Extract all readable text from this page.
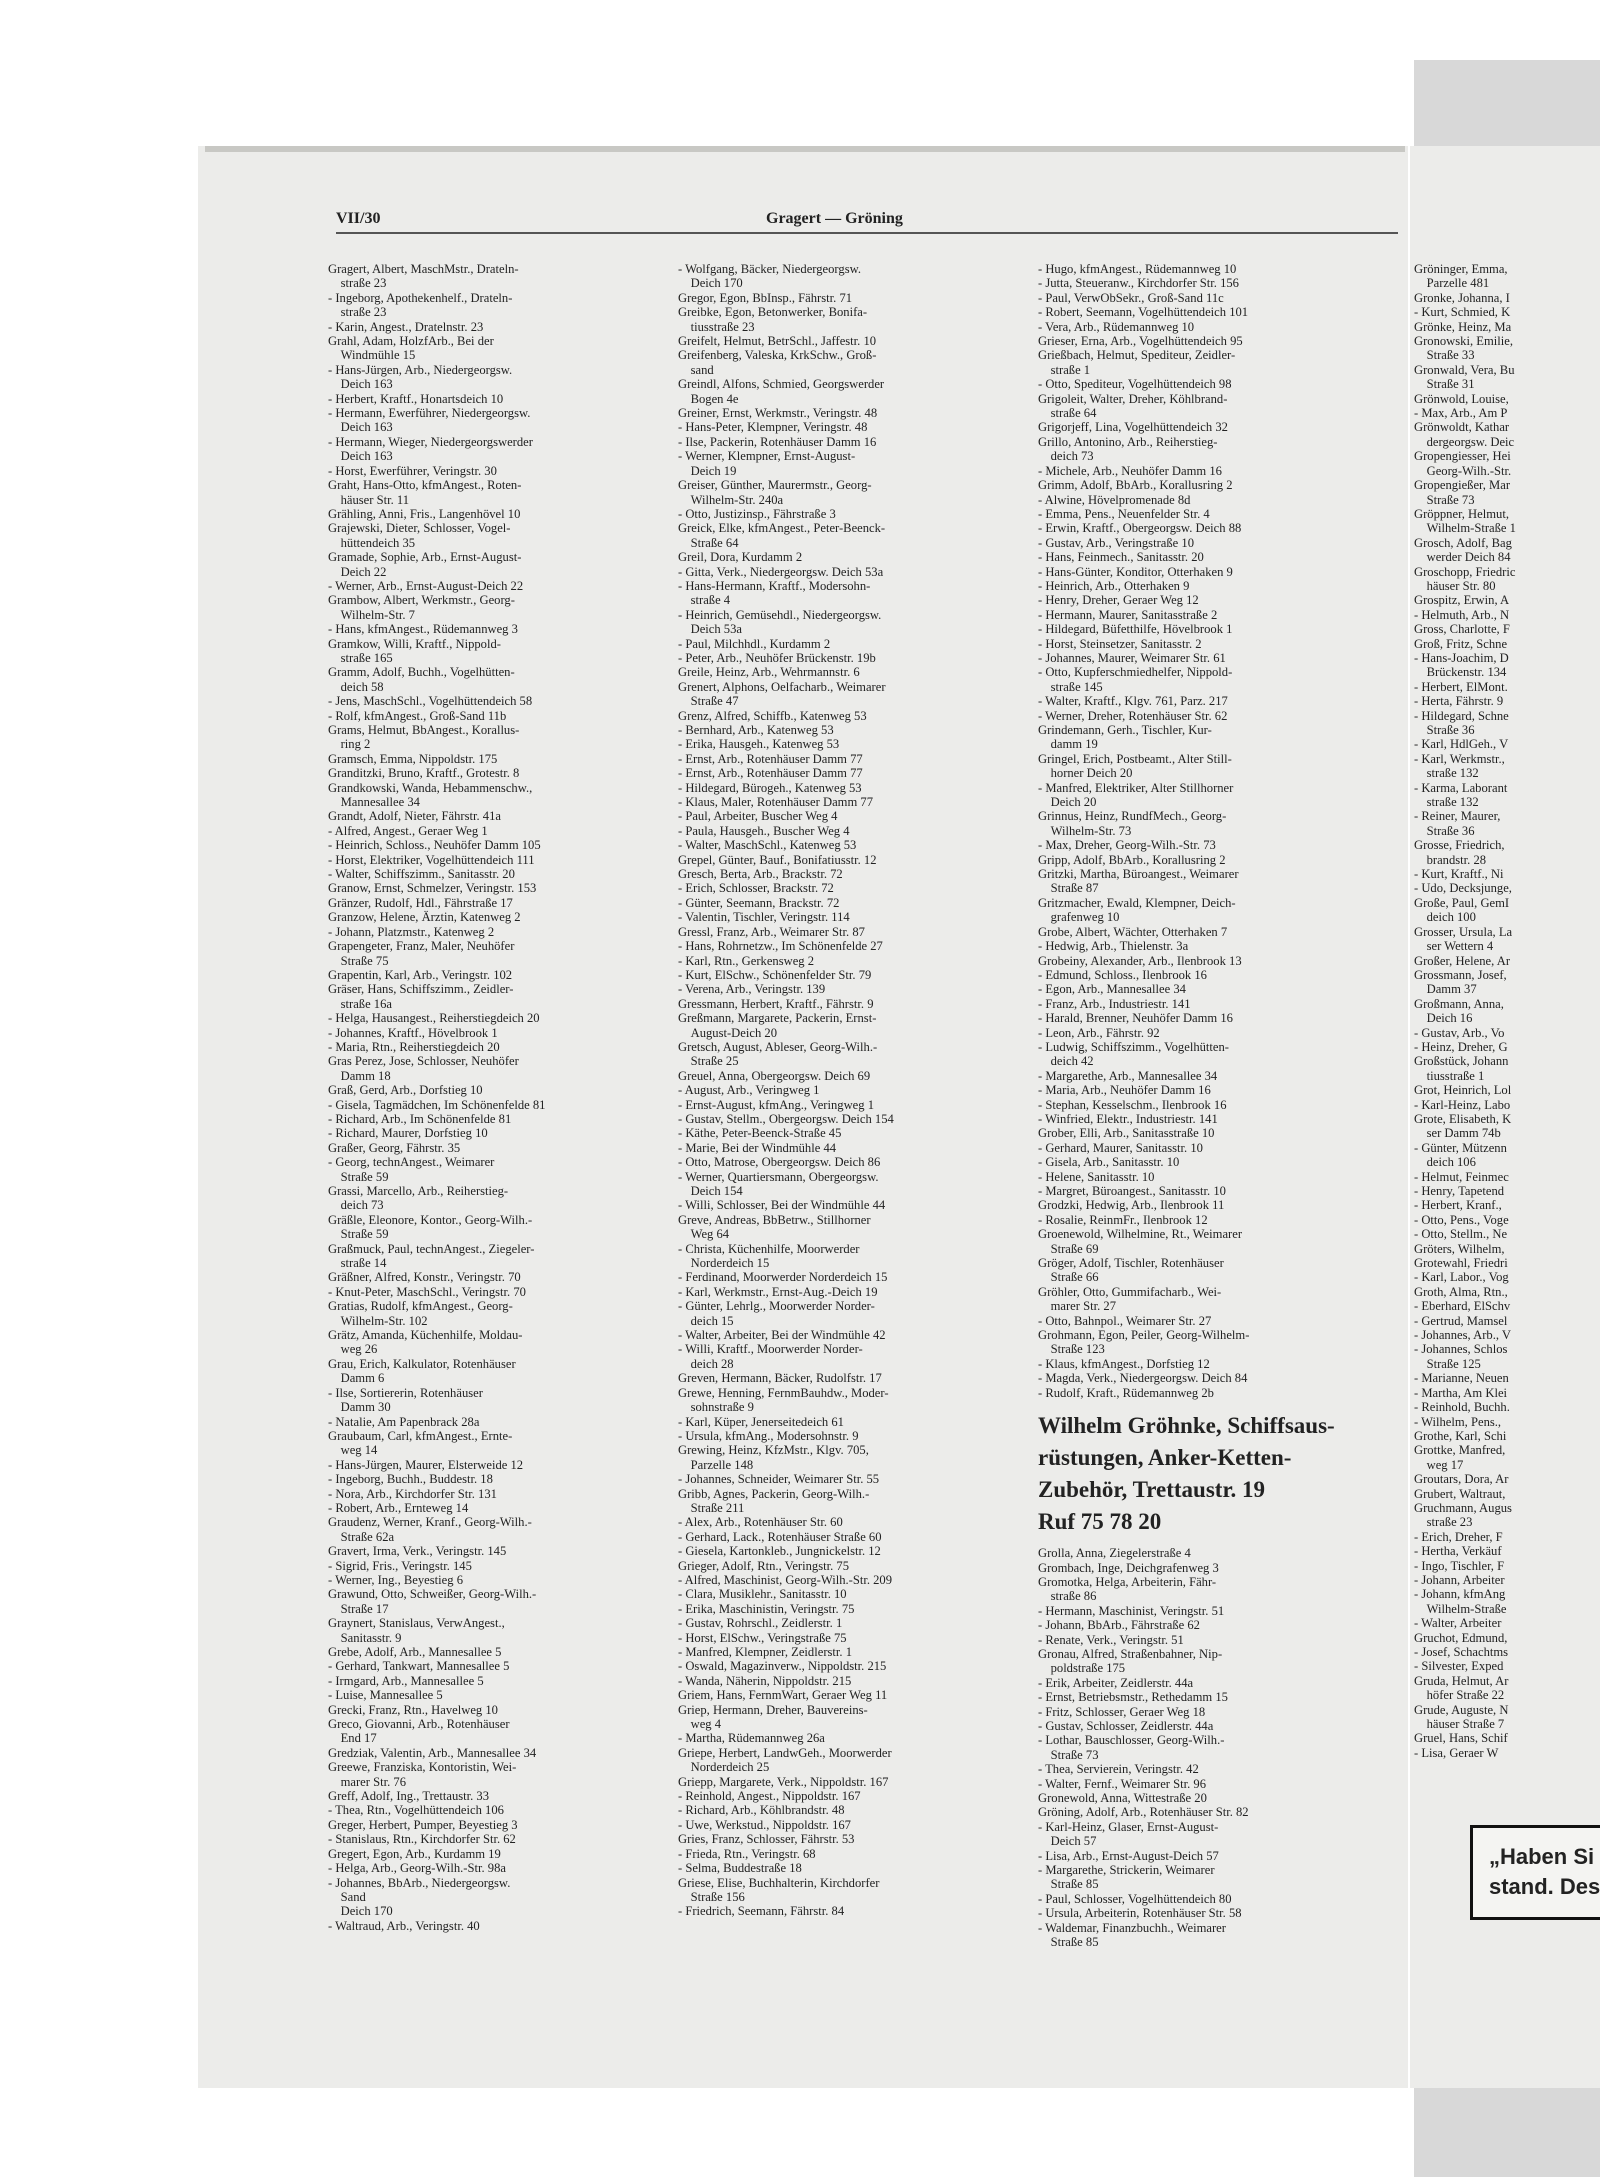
VII/30	Gragert — Gröning

Gragert, Albert, MaschMstr., Drateln-

 straße 23

- Ingeborg, Apothekenhelf., Drateln-

 straße 23

- Karin, Angest., Dratelnstr. 23

Grahl, Adam, HolzfArb., Bei der

 Windmühle 15

- Hans-Jürgen, Arb., Niedergeorgsw.

 Deich 163

- Herbert, Kraftf., Honartsdeich 10

- Hermann, Ewerführer, Niedergeorgsw.

 Deich 163

- Hermann, Wieger, Niedergeorgswerder

 Deich 163

- Horst, Ewerführer, Veringstr. 30

Graht, Hans-Otto, kfmAngest., Roten-

 häuser Str. 11

Grähling, Anni, Fris., Langenhövel 10

Grajewski, Dieter, Schlosser, Vogel-

 hüttendeich 35

Gramade, Sophie, Arb., Ernst-August-

 Deich 22

- Werner, Arb., Ernst-August-Deich 22

Grambow, Albert, Werkmstr., Georg-

 Wilhelm-Str. 7

- Hans, kfmAngest., Rüdemannweg 3

Gramkow, Willi, Kraftf., Nippold-

 straße 165

Gramm, Adolf, Buchh., Vogelhütten-

 deich 58

- Jens, MaschSchl., Vogelhüttendeich 58

- Rolf, kfmAngest., Groß-Sand 11b

Grams, Helmut, BbAngest., Korallus-

 ring 2

Gramsch, Emma, Nippoldstr. 175

Granditzki, Bruno, Kraftf., Grotestr. 8

Grandkowski, Wanda, Hebammenschw.,

 Mannesallee 34

Grandt, Adolf, Nieter, Fährstr. 41a

- Alfred, Angest., Geraer Weg 1

- Heinrich, Schloss., Neuhöfer Damm 105

- Horst, Elektriker, Vogelhüttendeich 111

- Walter, Schiffszimm., Sanitasstr. 20

Granow, Ernst, Schmelzer, Veringstr. 153

Gränzer, Rudolf, Hdl., Fährstraße 17

Granzow, Helene, Ärztin, Katenweg 2

- Johann, Platzmstr., Katenweg 2

Grapengeter, Franz, Maler, Neuhöfer

 Straße 75

Grapentin, Karl, Arb., Veringstr. 102

Gräser, Hans, Schiffszimm., Zeidler-

 straße 16a

- Helga, Hausangest., Reiherstiegdeich 20

- Johannes, Kraftf., Hövelbrook 1

- Maria, Rtn., Reiherstiegdeich 20

Gras Perez, Jose, Schlosser, Neuhöfer

 Damm 18

Graß, Gerd, Arb., Dorfstieg 10

- Gisela, Tagmädchen, Im Schönenfelde 81

- Richard, Arb., Im Schönenfelde 81

- Richard, Maurer, Dorfstieg 10

Graßer, Georg, Fährstr. 35

- Georg, technAngest., Weimarer

 Straße 59

Grassi, Marcello, Arb., Reiherstieg-

 deich 73

Gräßle, Eleonore, Kontor., Georg-Wilh.-

 Straße 59

Graßmuck, Paul, technAngest., Ziegeler-

 straße 14

Gräßner, Alfred, Konstr., Veringstr. 70

- Knut-Peter, MaschSchl., Veringstr. 70

Gratias, Rudolf, kfmAngest., Georg-

 Wilhelm-Str. 102

Grätz, Amanda, Küchenhilfe, Moldau-

 weg 26

Grau, Erich, Kalkulator, Rotenhäuser

 Damm 6

- Ilse, Sortiererin, Rotenhäuser

 Damm 30

- Natalie, Am Papenbrack 28a

Graubaum, Carl, kfmAngest., Ernte-

 weg 14

- Hans-Jürgen, Maurer, Elsterweide 12

- Ingeborg, Buchh., Buddestr. 18

- Nora, Arb., Kirchdorfer Str. 131

- Robert, Arb., Ernteweg 14

Graudenz, Werner, Kranf., Georg-Wilh.-

 Straße 62a

Gravert, Irma, Verk., Veringstr. 145

- Sigrid, Fris., Veringstr. 145

- Werner, Ing., Beyestieg 6

Grawund, Otto, Schweißer, Georg-Wilh.-

 Straße 17

Graynert, Stanislaus, VerwAngest.,

 Sanitasstr. 9

Grebe, Adolf, Arb., Mannesallee 5

- Gerhard, Tankwart, Mannesallee 5

- Irmgard, Arb., Mannesallee 5

- Luise, Mannesallee 5

Grecki, Franz, Rtn., Havelweg 10

Greco, Giovanni, Arb., Rotenhäuser

 End 17

Gredziak, Valentin, Arb., Mannesallee 34

Greewe, Franziska, Kontoristin, Wei-

 marer Str. 76

Greff, Adolf, Ing., Trettaustr. 33

- Thea, Rtn., Vogelhüttendeich 106

Greger, Herbert, Pumper, Beyestieg 3

- Stanislaus, Rtn., Kirchdorfer Str. 62

Gregert, Egon, Arb., Kurdamm 19

- Helga, Arb., Georg-Wilh.-Str. 98a

- Johannes, BbArb., Niedergeorgsw.

 Sand

 Deich 170

- Waltraud, Arb., Veringstr. 40

- Wolfgang, Bäcker, Niedergeorgsw.

 Deich 170

Gregor, Egon, BbInsp., Fährstr. 71

Greibke, Egon, Betonwerker, Bonifa-

 tiusstraße 23

Greifelt, Helmut, BetrSchl., Jaffestr. 10

Greifenberg, Valeska, KrkSchw., Groß-

 sand

Greindl, Alfons, Schmied, Georgswerder

 Bogen 4e

Greiner, Ernst, Werkmstr., Veringstr. 48

- Hans-Peter, Klempner, Veringstr. 48

- Ilse, Packerin, Rotenhäuser Damm 16

- Werner, Klempner, Ernst-August-

 Deich 19

Greiser, Günther, Maurermstr., Georg-

 Wilhelm-Str. 240a

- Otto, Justizinsp., Fährstraße 3

Greick, Elke, kfmAngest., Peter-Beenck-

 Straße 64

Greil, Dora, Kurdamm 2

- Gitta, Verk., Niedergeorgsw. Deich 53a

- Hans-Hermann, Kraftf., Modersohn-

 straße 4

- Heinrich, Gemüsehdl., Niedergeorgsw.

 Deich 53a

- Paul, Milchhdl., Kurdamm 2

- Peter, Arb., Neuhöfer Brückenstr. 19b

Greile, Heinz, Arb., Wehrmannstr. 6

Grenert, Alphons, Oelfacharb., Weimarer

 Straße 47

Grenz, Alfred, Schiffb., Katenweg 53

- Bernhard, Arb., Katenweg 53

- Erika, Hausgeh., Katenweg 53

- Ernst, Arb., Rotenhäuser Damm 77

- Ernst, Arb., Rotenhäuser Damm 77

- Hildegard, Bürogeh., Katenweg 53

- Klaus, Maler, Rotenhäuser Damm 77

- Paul, Arbeiter, Buscher Weg 4

- Paula, Hausgeh., Buscher Weg 4

- Walter, MaschSchl., Katenweg 53

Grepel, Günter, Bauf., Bonifatiusstr. 12

Gresch, Berta, Arb., Brackstr. 72

- Erich, Schlosser, Brackstr. 72

- Günter, Seemann, Brackstr. 72

- Valentin, Tischler, Veringstr. 114

Gressl, Franz, Arb., Weimarer Str. 87

- Hans, Rohrnetzw., Im Schönenfelde 27

- Karl, Rtn., Gerkensweg 2

- Kurt, ElSchw., Schönenfelder Str. 79

- Verena, Arb., Veringstr. 139

Gressmann, Herbert, Kraftf., Fährstr. 9

Greßmann, Margarete, Packerin, Ernst-

 August-Deich 20

Gretsch, August, Ableser, Georg-Wilh.-

 Straße 25

Greuel, Anna, Obergeorgsw. Deich 69

- August, Arb., Veringweg 1

- Ernst-August, kfmAng., Veringweg 1

- Gustav, Stellm., Obergeorgsw. Deich 154

- Käthe, Peter-Beenck-Straße 45

- Marie, Bei der Windmühle 44

- Otto, Matrose, Obergeorgsw. Deich 86

- Werner, Quartiersmann, Obergeorgsw.

 Deich 154

- Willi, Schlosser, Bei der Windmühle 44

Greve, Andreas, BbBetrw., Stillhorner

 Weg 64

- Christa, Küchenhilfe, Moorwerder

 Norderdeich 15

- Ferdinand, Moorwerder Norderdeich 15

- Karl, Werkmstr., Ernst-Aug.-Deich 19

- Günter, Lehrlg., Moorwerder Norder-

 deich 15

- Walter, Arbeiter, Bei der Windmühle 42

- Willi, Kraftf., Moorwerder Norder-

 deich 28

Greven, Hermann, Bäcker, Rudolfstr. 17

Grewe, Henning, FernmBauhdw., Moder-

 sohnstraße 9

- Karl, Küper, Jenerseitedeich 61

- Ursula, kfmAng., Modersohnstr. 9

Grewing, Heinz, KfzMstr., Klgv. 705,

 Parzelle 148

- Johannes, Schneider, Weimarer Str. 55

Gribb, Agnes, Packerin, Georg-Wilh.-

 Straße 211

- Alex, Arb., Rotenhäuser Str. 60

- Gerhard, Lack., Rotenhäuser Straße 60

- Giesela, Kartonkleb., Jungnickelstr. 12

Grieger, Adolf, Rtn., Veringstr. 75

- Alfred, Maschinist, Georg-Wilh.-Str. 209

- Clara, Musiklehr., Sanitasstr. 10

- Erika, Maschinistin, Veringstr. 75

- Gustav, Rohrschl., Zeidlerstr. 1

- Horst, ElSchw., Veringstraße 75

- Manfred, Klempner, Zeidlerstr. 1

- Oswald, Magazinverw., Nippoldstr. 215

- Wanda, Näherin, Nippoldstr. 215

Griem, Hans, FernmWart, Geraer Weg 11

Griep, Hermann, Dreher, Bauvereins-

 weg 4

- Martha, Rüdemannweg 26a

Griepe, Herbert, LandwGeh., Moorwerder

 Norderdeich 25

Griepp, Margarete, Verk., Nippoldstr. 167

- Reinhold, Angest., Nippoldstr. 167

- Richard, Arb., Köhlbrandstr. 48

- Uwe, Werkstud., Nippoldstr. 167

Gries, Franz, Schlosser, Fährstr. 53

- Frieda, Rtn., Veringstr. 68

- Selma, Buddestraße 18

Griese, Elise, Buchhalterin, Kirchdorfer

 Straße 156

- Friedrich, Seemann, Fährstr. 84

- Hugo, kfmAngest., Rüdemannweg 10

- Jutta, Steueranw., Kirchdorfer Str. 156

- Paul, VerwObSekr., Groß-Sand 11c

- Robert, Seemann, Vogelhüttendeich 101

- Vera, Arb., Rüdemannweg 10

Grieser, Erna, Arb., Vogelhüttendeich 95

Grießbach, Helmut, Spediteur, Zeidler-

 straße 1

- Otto, Spediteur, Vogelhüttendeich 98

Grigoleit, Walter, Dreher, Köhlbrand-

 straße 64

Grigorjeff, Lina, Vogelhüttendeich 32

Grillo, Antonino, Arb., Reiherstieg-

 deich 73

- Michele, Arb., Neuhöfer Damm 16

Grimm, Adolf, BbArb., Korallusring 2

- Alwine, Hövelpromenade 8d

- Emma, Pens., Neuenfelder Str. 4

- Erwin, Kraftf., Obergeorgsw. Deich 88

- Gustav, Arb., Veringstraße 10

- Hans, Feinmech., Sanitasstr. 20

- Hans-Günter, Konditor, Otterhaken 9

- Heinrich, Arb., Otterhaken 9

- Henry, Dreher, Geraer Weg 12

- Hermann, Maurer, Sanitasstraße 2

- Hildegard, Büfetthilfe, Hövelbrook 1

- Horst, Steinsetzer, Sanitasstr. 2

- Johannes, Maurer, Weimarer Str. 61

- Otto, Kupferschmiedhelfer, Nippold-

 straße 145

- Walter, Kraftf., Klgv. 761, Parz. 217

- Werner, Dreher, Rotenhäuser Str. 62

Grindemann, Gerh., Tischler, Kur-

 damm 19

Gringel, Erich, Postbeamt., Alter Still-

 horner Deich 20

- Manfred, Elektriker, Alter Stillhorner

 Deich 20

Grinnus, Heinz, RundfMech., Georg-

 Wilhelm-Str. 73

- Max, Dreher, Georg-Wilh.-Str. 73

Gripp, Adolf, BbArb., Korallusring 2

Gritzki, Martha, Büroangest., Weimarer

 Straße 87

Gritzmacher, Ewald, Klempner, Deich-

 grafenweg 10

Grobe, Albert, Wächter, Otterhaken 7

- Hedwig, Arb., Thielenstr. 3a

Grobeiny, Alexander, Arb., Ilenbrook 13

- Edmund, Schloss., Ilenbrook 16

- Egon, Arb., Mannesallee 34

- Franz, Arb., Industriestr. 141

- Harald, Brenner, Neuhöfer Damm 16

- Leon, Arb., Fährstr. 92

- Ludwig, Schiffszimm., Vogelhütten-

 deich 42

- Margarethe, Arb., Mannesallee 34

- Maria, Arb., Neuhöfer Damm 16

- Stephan, Kesselschm., Ilenbrook 16

- Winfried, Elektr., Industriestr. 141

Grober, Elli, Arb., Sanitasstraße 10

- Gerhard, Maurer, Sanitasstr. 10

- Gisela, Arb., Sanitasstr. 10

- Helene, Sanitasstr. 10

- Margret, Büroangest., Sanitasstr. 10

Grodzki, Hedwig, Arb., Ilenbrook 11

- Rosalie, ReinmFr., Ilenbrook 12

Groenewold, Wilhelmine, Rt., Weimarer

 Straße 69

Gröger, Adolf, Tischler, Rotenhäuser

 Straße 66

Gröhler, Otto, Gummifacharb., Wei-

 marer Str. 27

- Otto, Bahnpol., Weimarer Str. 27

Grohmann, Egon, Peiler, Georg-Wilhelm-

 Straße 123

- Klaus, kfmAngest., Dorfstieg 12

- Magda, Verk., Niedergeorgsw. Deich 84

- Rudolf, Kraft., Rüdemannweg 2b

Wilhelm Gröhnke, Schiffsaus-
rüstungen, Anker-Ketten-
Zubehör, Trettaustr. 19
Ruf 75 78 20

Grolla, Anna, Ziegelerstraße 4

Grombach, Inge, Deichgrafenweg 3

Gromotka, Helga, Arbeiterin, Fähr-

 straße 86

- Hermann, Maschinist, Veringstr. 51

- Johann, BbArb., Fährstraße 62

- Renate, Verk., Veringstr. 51

Gronau, Alfred, Straßenbahner, Nip-

 poldstraße 175

- Erik, Arbeiter, Zeidlerstr. 44a

- Ernst, Betriebsmstr., Rethedamm 15

- Fritz, Schlosser, Geraer Weg 18

- Gustav, Schlosser, Zeidlerstr. 44a

- Lothar, Bauschlosser, Georg-Wilh.-

 Straße 73

- Thea, Servierein, Veringstr. 42

- Walter, Fernf., Weimarer Str. 96

Gronewold, Anna, Wittestraße 20

Gröning, Adolf, Arb., Rotenhäuser Str. 82

- Karl-Heinz, Glaser, Ernst-August-

 Deich 57

- Lisa, Arb., Ernst-August-Deich 57

- Margarethe, Strickerin, Weimarer

 Straße 85

- Paul, Schlosser, Vogelhüttendeich 80

- Ursula, Arbeiterin, Rotenhäuser Str. 58

- Waldemar, Finanzbuchh., Weimarer

 Straße 85

Gröninger, Emma,

 Parzelle 481

Gronke, Johanna, I

- Kurt, Schmied, K

Grönke, Heinz, Ma

Gronowski, Emilie,

 Straße 33

Gronwald, Vera, Bu

 Straße 31

Grönwold, Louise,

- Max, Arb., Am P

Grönwoldt, Kathar

 dergeorgsw. Deic

Gropengiesser, Hei

 Georg-Wilh.-Str.

Gropengießer, Mar

 Straße 73

Gröppner, Helmut,

 Wilhelm-Straße 1

Grosch, Adolf, Bag

 werder Deich 84

Groschopp, Friedric

 häuser Str. 80

Grospitz, Erwin, A

- Helmuth, Arb., N

Gross, Charlotte, F

Groß, Fritz, Schne

- Hans-Joachim, D

 Brückenstr. 134

- Herbert, ElMont.

- Herta, Fährstr. 9

- Hildegard, Schne

 Straße 36

- Karl, HdlGeh., V

- Karl, Werkmstr.,

 straße 132

- Karma, Laborant

 straße 132

- Reiner, Maurer,

 Straße 36

Grosse, Friedrich,

 brandstr. 28

- Kurt, Kraftf., Ni

- Udo, Decksjunge,

Große, Paul, GemI

 deich 100

Grosser, Ursula, La

 ser Wettern 4

Großer, Helene, Ar

Grossmann, Josef,

 Damm 37

Großmann, Anna,

 Deich 16

- Gustav, Arb., Vo

- Heinz, Dreher, G

Großstück, Johann

 tiusstraße 1

Grot, Heinrich, Lol

- Karl-Heinz, Labo

Grote, Elisabeth, K

 ser Damm 74b

- Günter, Mützenn

 deich 106

- Helmut, Feinmec

- Henry, Tapetend

- Herbert, Kranf.,

- Otto, Pens., Voge

- Otto, Stellm., Ne

Gröters, Wilhelm,

Grotewahl, Friedri

- Karl, Labor., Vog

Groth, Alma, Rtn.,

- Eberhard, ElSchv

- Gertrud, Mamsel

- Johannes, Arb., V

- Johannes, Schlos

 Straße 125

- Marianne, Neuen

- Martha, Am Klei

- Reinhold, Buchh.

- Wilhelm, Pens.,

Grothe, Karl, Schi

Grottke, Manfred,

 weg 17

Groutars, Dora, Ar

Grubert, Waltraut,

Gruchmann, Augus

 straße 23

- Erich, Dreher, F

- Hertha, Verkäuf

- Ingo, Tischler, F

- Johann, Arbeiter

- Johann, kfmAng

 Wilhelm-Straße

- Walter, Arbeiter

Gruchot, Edmund,

- Josef, Schachtms

- Silvester, Exped

Gruda, Helmut, Ar

 höfer Straße 22

Grude, Auguste, N

 häuser Straße 7

Gruel, Hans, Schif

- Lisa, Geraer W

„Haben Si
stand. Des
